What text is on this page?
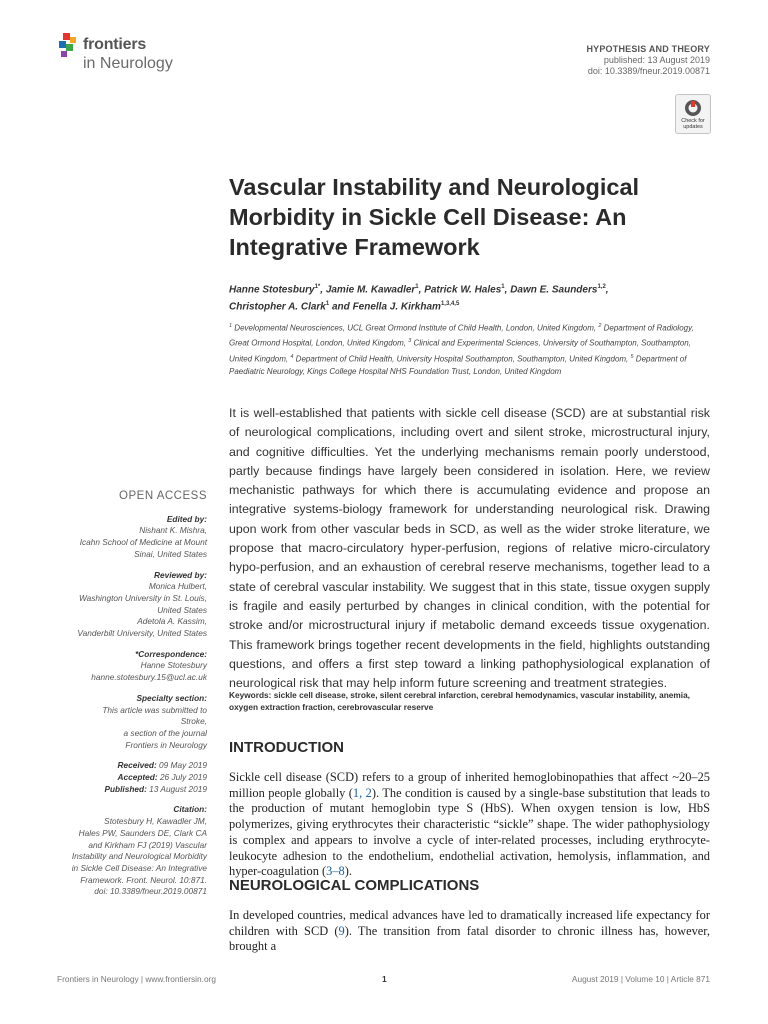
frontiers
in Neurology
HYPOTHESIS AND THEORY
published: 13 August 2019
doi: 10.3389/fneur.2019.00871
Check for updates
Vascular Instability and Neurological Morbidity in Sickle Cell Disease: An Integrative Framework
Hanne Stotesbury$^{1*}$, Jamie M. Kawadler$^1$, Patrick W. Hales$^1$, Dawn E. Saunders$^{1,2}$,
Christopher A. Clark$^1$ and Fenella J. Kirkham$^{1,3,4,5}$
$^1$ Developmental Neurosciences, UCL Great Ormond Institute of Child Health, London, United Kingdom, $^2$ Department of Radiology, Great Ormond Hospital, London, United Kingdom, $^3$ Clinical and Experimental Sciences, University of Southampton, Southampton, United Kingdom, $^4$ Department of Child Health, University Hospital Southampton, Southampton, United Kingdom, $^5$ Department of Paediatric Neurology, Kings College Hospital NHS Foundation Trust, London, United Kingdom
It is well-established that patients with sickle cell disease (SCD) are at substantial risk of neurological complications, including overt and silent stroke, microstructural injury, and cognitive difficulties. Yet the underlying mechanisms remain poorly understood, partly because findings have largely been considered in isolation. Here, we review mechanistic pathways for which there is accumulating evidence and propose an integrative systems-biology framework for understanding neurological risk. Drawing upon work from other vascular beds in SCD, as well as the wider stroke literature, we propose that macro-circulatory hyper-perfusion, regions of relative micro-circulatory hypo-perfusion, and an exhaustion of cerebral reserve mechanisms, together lead to a state of cerebral vascular instability. We suggest that in this state, tissue oxygen supply is fragile and easily perturbed by changes in clinical condition, with the potential for stroke and/or microstructural injury if metabolic demand exceeds tissue oxygenation. This framework brings together recent developments in the field, highlights outstanding questions, and offers a first step toward a linking pathophysiological explanation of neurological risk that may help inform future screening and treatment strategies.
Keywords: sickle cell disease, stroke, silent cerebral infarction, cerebral hemodynamics, vascular instability, anemia, oxygen extraction fraction, cerebrovascular reserve
INTRODUCTION
Sickle cell disease (SCD) refers to a group of inherited hemoglobinopathies that affect ~20–25 million people globally (1, 2). The condition is caused by a single-base substitution that leads to the production of mutant hemoglobin type S (HbS). When oxygen tension is low, HbS polymerizes, giving erythrocytes their characteristic “sickle” shape. The wider pathophysiology is complex and appears to involve a cycle of inter-related processes, including erythrocyte-leukocyte adhesion to the endothelium, endothelial activation, hemolysis, inflammation, and hyper-coagulation (3–8).
NEUROLOGICAL COMPLICATIONS
In developed countries, medical advances have led to dramatically increased life expectancy for children with SCD (9). The transition from fatal disorder to chronic illness has, however, brought a
OPEN ACCESS
Edited by:
Nishant K. Mishra,
Icahn School of Medicine at Mount
Sinai, United States
Reviewed by:
Monica Hulbert,
Washington University in St. Louis,
United States
Adetola A. Kassim,
Vanderbilt University, United States
*Correspondence:
Hanne Stotesbury
hanne.stotesbury.15@ucl.ac.uk
Specialty section:
This article was submitted to
Stroke,
a section of the journal
Frontiers in Neurology
Received: 09 May 2019
Accepted: 26 July 2019
Published: 13 August 2019
Citation:
Stotesbury H, Kawadler JM,
Hales PW, Saunders DE, Clark CA
and Kirkham FJ (2019) Vascular
Instability and Neurological Morbidity
in Sickle Cell Disease: An Integrative
Framework. Front. Neurol. 10:871.
doi: 10.3389/fneur.2019.00871
Frontiers in Neurology | www.frontiersin.org	1	August 2019 | Volume 10 | Article 871
